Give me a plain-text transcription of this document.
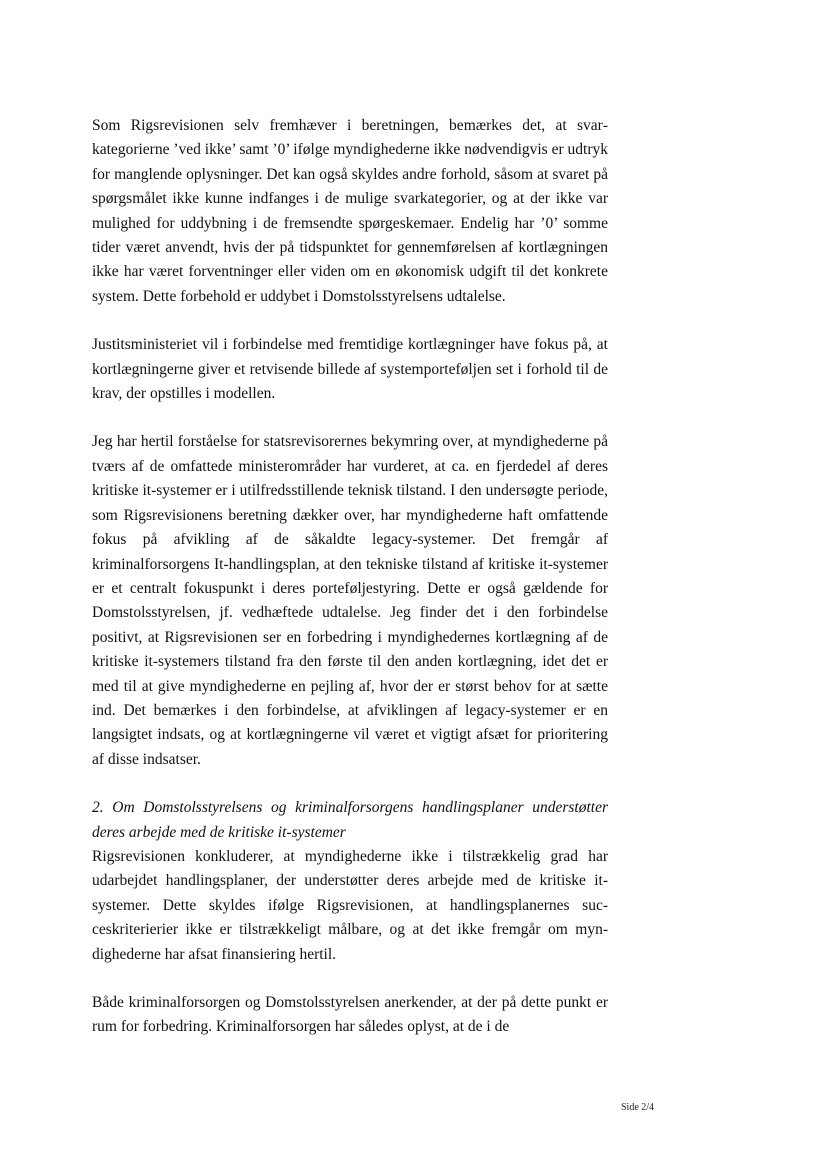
Som Rigsrevisionen selv fremhæver i beretningen, bemærkes det, at svarkategorierne ’ved ikke’ samt ’0’ ifølge myndighederne ikke nødvendigvis er udtryk for manglende oplysninger. Det kan også skyldes andre forhold, såsom at svaret på spørgsmålet ikke kunne indfanges i de mulige svarkategorier, og at der ikke var mulighed for uddybning i de fremsendte spørgeskemaer. Endelig har ’0’ somme tider været anvendt, hvis der på tidspunktet for gennemførelsen af kortlægningen ikke har været forventninger eller viden om en økonomisk udgift til det konkrete system. Dette forbehold er uddybet i Domstolsstyrelsens udtalelse.

Justitsministeriet vil i forbindelse med fremtidige kortlægninger have fokus på, at kortlægningerne giver et retvisende billede af systemporteføljen set i forhold til de krav, der opstilles i modellen.

Jeg har hertil forståelse for statsrevisorernes bekymring over, at myndighederne på tværs af de omfattede ministerområder har vurderet, at ca. en fjerdedel af deres kritiske it-systemer er i utilfredsstillende teknisk tilstand. I den undersøgte periode, som Rigsrevisionens beretning dækker over, har myndighederne haft omfattende fokus på afvikling af de såkaldte legacy-systemer. Det fremgår af kriminalforsorgens It-handlingsplan, at den tekniske tilstand af kritiske it-systemer er et centralt fokuspunkt i deres porteføljestyring. Dette er også gældende for Domstolsstyrelsen, jf. vedhæftede udtalelse. Jeg finder det i den forbindelse positivt, at Rigsrevisionen ser en forbedring i myndighedernes kortlægning af de kritiske it-systemers tilstand fra den første til den anden kortlægning, idet det er med til at give myndighederne en pejling af, hvor der er størst behov for at sætte ind. Det bemærkes i den forbindelse, at afviklingen af legacy-systemer er en langsigtet indsats, og at kortlægningerne vil været et vigtigt afsæt for prioritering af disse indsatser.

2. Om Domstolsstyrelsens og kriminalforsorgens handlingsplaner understøtter deres arbejde med de kritiske it-systemer

Rigsrevisionen konkluderer, at myndighederne ikke i tilstrækkelig grad har udarbejdet handlingsplaner, der understøtter deres arbejde med de kritiske it-systemer. Dette skyldes ifølge Rigsrevisionen, at handlingsplanernes succeskriterierier ikke er tilstrækkeligt målbare, og at det ikke fremgår om myndighederne har afsat finansiering hertil.

Både kriminalforsorgen og Domstolsstyrelsen anerkender, at der på dette punkt er rum for forbedring. Kriminalforsorgen har således oplyst, at de i de

Side 2/4
